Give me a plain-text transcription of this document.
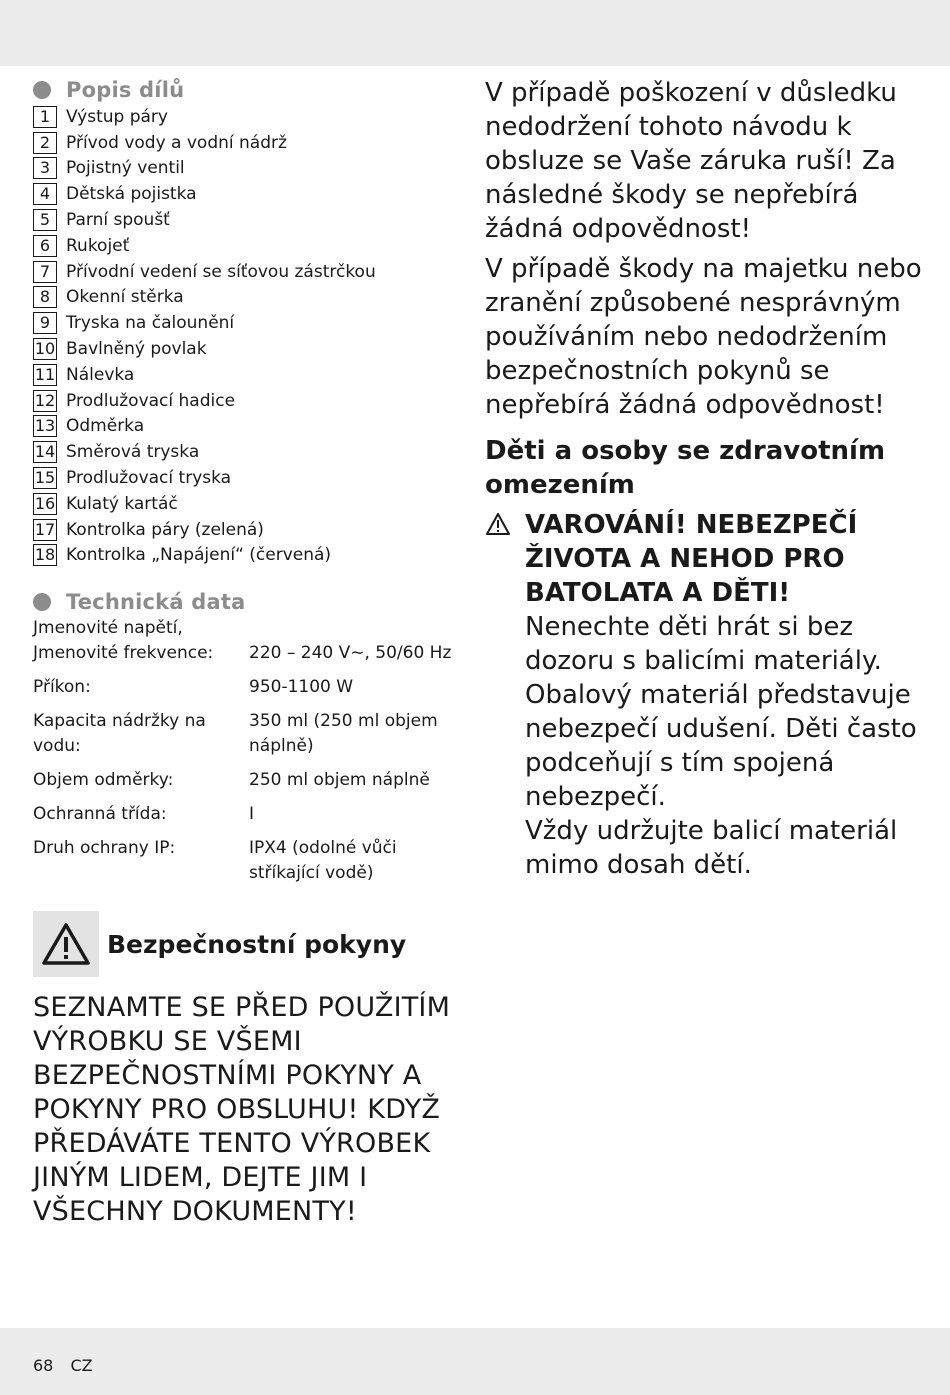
Popis dílů
1 Výstup páry
2 Přívod vody a vodní nádrž
3 Pojistný ventil
4 Dětská pojistka
5 Parní spoušť
6 Rukojeť
7 Přívodní vedení se síťovou zástrčkou
8 Okenní stěrka
9 Tryska na čalounění
10 Bavlněný povlak
11 Nálevka
12 Prodlužovací hadice
13 Odměrka
14 Směrová tryska
15 Prodlužovací tryska
16 Kulatý kartáč
17 Kontrolka páry (zelená)
18 Kontrolka „Napájení“ (červená)
Technická data
Jmenovité napětí,
Jmenovité frekvence:	220 – 240 V∼, 50/60 Hz
Příkon:	950-1100 W
Kapacita nádržky na vodu:
350 ml (250 ml objem náplně)
Objem odměrky:	250 ml objem náplně
Ochranná třída:	I
Druh ochrany IP:	IPX4 (odolné vůči stříkající vodě)
Bezpečnostní pokyny
SEZNAMTE SE PŘED POUŽITÍM VÝROBKU SE VŠEMI BEZPEČNOSTNÍMI POKYNY A POKYNY PRO OBSLUHU! KDYŽ PŘEDÁVÁTE TENTO VÝROBEK JINÝM LIDEM, DEJTE JIM I VŠECHNY DOKUMENTY!

V případě poškození v důsledku nedodržení tohoto návodu k obsluze se Vaše záruka ruší! Za následné škody se nepřebírá žádná odpovědnost!

V případě škody na majetku nebo zranění způsobené nesprávným používáním nebo nedodržením bezpečnostních pokynů se nepřebírá žádná odpovědnost!

Děti a osoby se zdravotním omezením
VAROVÁNÍ! NEBEZPEČÍ ŽIVOTA A NEHOD PRO BATOLATA A DĚTI!
Nenechte děti hrát si bez dozoru s balicími materiály.
Obalový materiál představuje nebezpečí udušení. Děti často podceňují s tím spojená nebezpečí.
Vždy udržujte balicí materiál mimo dosah dětí.
68 CZ
